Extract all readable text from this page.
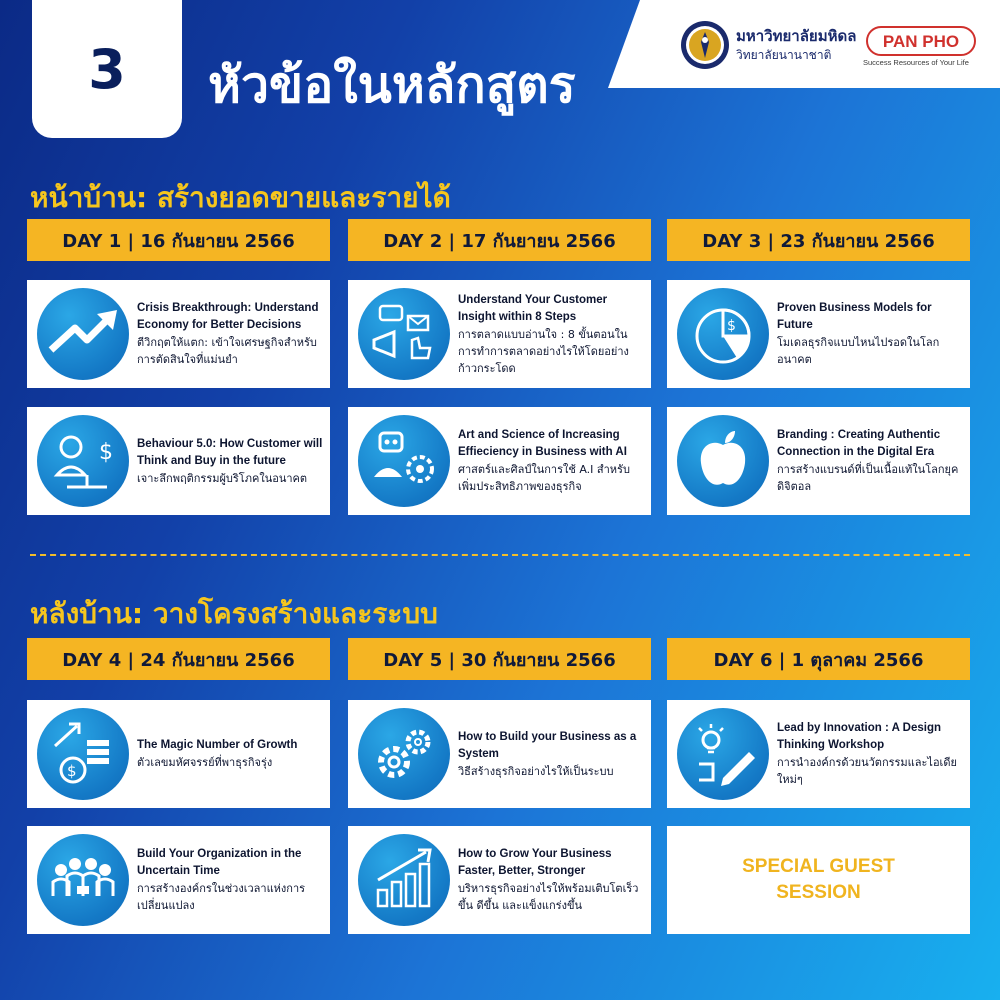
3	หัวข้อในหลักสูตร
มหาวิทยาลัยมหิดล
วิทยาลัยนานาชาติ
PAN PHO
Success Resources of Your Life
หน้าบ้าน: สร้างยอดขายและรายได้
DAY 1 | 16 กันยายน 2566	DAY 2 | 17 กันยายน 2566	DAY 3 | 23 กันยายน 2566
Crisis Breakthrough: Understand Economy for Better Decisions
ตีวิกฤตให้แตก: เข้าใจเศรษฐกิจสำหรับการตัดสินใจที่แม่นยำ
$ Behaviour 5.0: How Customer will Think and Buy in the future
เจาะลึกพฤติกรรมผู้บริโภคในอนาคต
Understand Your Customer Insight within 8 Steps
การตลาดแบบอ่านใจ : 8 ขั้นตอนในการทำการตลาดอย่างไรให้โดยอย่างก้าวกระโดด
Art and Science of Increasing Effieciency in Business with AI
ศาสตร์และศิลป์ในการใช้ A.I สำหรับเพิ่มประสิทธิภาพของธุรกิจ
$
Proven Business Models for Future
โมเดลธุรกิจแบบไหนไปรอดในโลกอนาคต
Branding : Creating Authentic Connection in the Digital Era
การสร้างแบรนด์ที่เป็นเนื้อแท้ในโลกยุคดิจิตอล
หลังบ้าน: วางโครงสร้างและระบบ
DAY 4 | 24 กันยายน 2566	DAY 5 | 30 กันยายน 2566	DAY 6 | 1 ตุลาคม 2566
$
The Magic Number of Growth
ตัวเลขมหัศจรรย์ที่พาธุรกิจรุ่ง
Build Your Organization in the Uncertain Time
การสร้างองค์กรในช่วงเวลาแห่งการเปลี่ยนแปลง
How to Build your Business as a System
วิธีสร้างธุรกิจอย่างไรให้เป็นระบบ
How to Grow Your Business Faster, Better, Stronger
บริหารธุรกิจอย่างไรให้พร้อมเติบโตเร็วขึ้น ดีขึ้น และแข็งแกร่งขึ้น
Lead by Innovation : A Design Thinking Workshop
การนำองค์กรด้วยนวัตกรรมและไอเดียใหม่ๆ
SPECIAL GUEST SESSION
